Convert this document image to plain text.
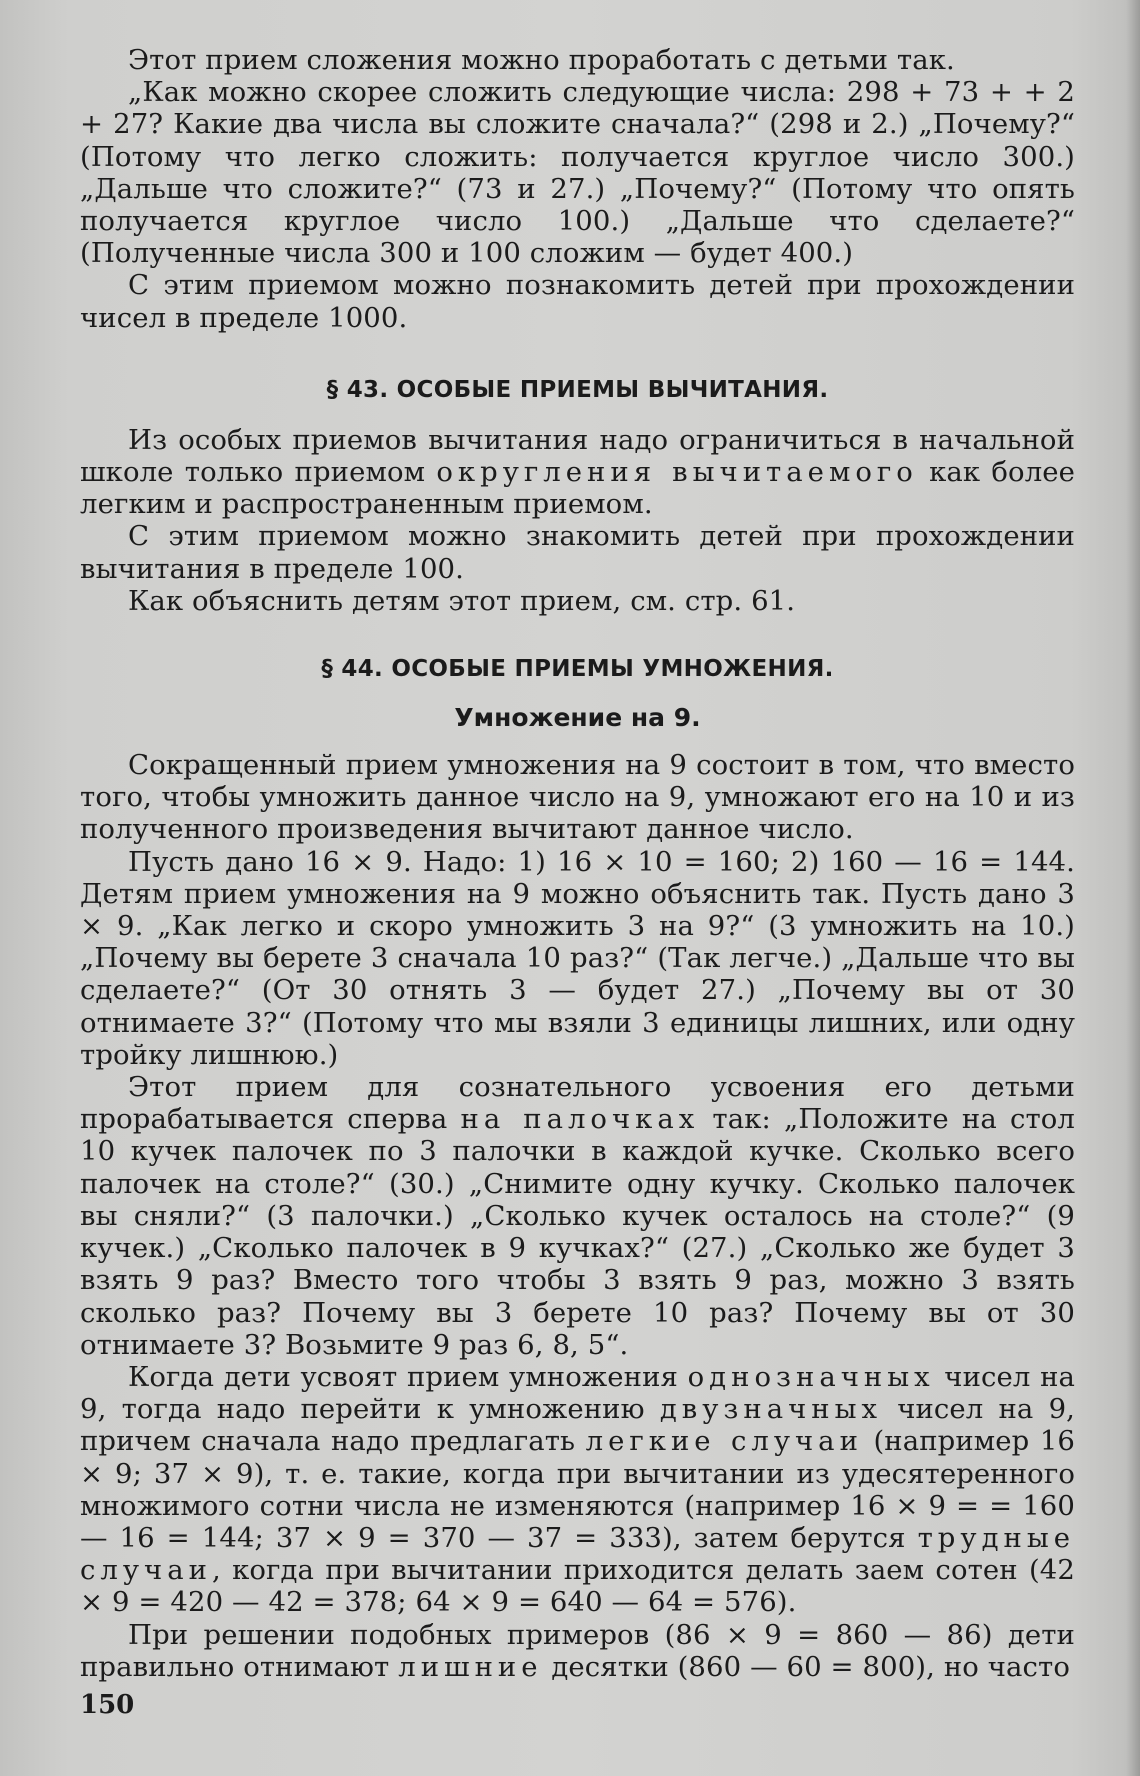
Этот прием сложения можно проработать с детьми так.

„Как можно скорее сложить следующие числа: 298 + 73 + + 2 + 27? Какие два числа вы сложите сначала?“ (298 и 2.) „Почему?“ (Потому что легко сложить: получается круглое число 300.) „Дальше что сложите?“ (73 и 27.) „Почему?“ (Потому что опять получается круглое число 100.) „Дальше что сделаете?“ (Полученные числа 300 и 100 сложим — будет 400.)

С этим приемом можно познакомить детей при прохождении чисел в пределе 1000.

§ 43. ОСОБЫЕ ПРИЕМЫ ВЫЧИТАНИЯ.

Из особых приемов вычитания надо ограничиться в начальной школе только приемом округления вычитаемого как более легким и распространенным приемом.

С этим приемом можно знакомить детей при прохождении вычитания в пределе 100.

Как объяснить детям этот прием, см. стр. 61.

§ 44. ОСОБЫЕ ПРИЕМЫ УМНОЖЕНИЯ.
Умножение на 9.

Сокращенный прием умножения на 9 состоит в том, что вместо того, чтобы умножить данное число на 9, умножают его на 10 и из полученного произведения вычитают данное число.

Пусть дано 16 × 9. Надо: 1) 16 × 10 = 160; 2) 160 — 16 = 144. Детям прием умножения на 9 можно объяснить так. Пусть дано 3 × 9. „Как легко и скоро умножить 3 на 9?“ (3 умножить на 10.) „Почему вы берете 3 сначала 10 раз?“ (Так легче.) „Дальше что вы сделаете?“ (От 30 отнять 3 — будет 27.) „Почему вы от 30 отнимаете 3?“ (Потому что мы взяли 3 единицы лишних, или одну тройку лишнюю.)

Этот прием для сознательного усвоения его детьми прорабатывается сперва на палочках так: „Положите на стол 10 кучек палочек по 3 палочки в каждой кучке. Сколько всего палочек на столе?“ (30.) „Снимите одну кучку. Сколько палочек вы сняли?“ (3 палочки.) „Сколько кучек осталось на столе?“ (9 кучек.) „Сколько палочек в 9 кучках?“ (27.) „Сколько же будет 3 взять 9 раз? Вместо того чтобы 3 взять 9 раз, можно 3 взять сколько раз? Почему вы 3 берете 10 раз? Почему вы от 30 отнимаете 3? Возьмите 9 раз 6, 8, 5“.

Когда дети усвоят прием умножения однозначных чисел на 9, тогда надо перейти к умножению двузначных чисел на 9, причем сначала надо предлагать легкие случаи (например 16 × 9; 37 × 9), т. е. такие, когда при вычитании из удесятеренного множимого сотни числа не изменяются (например 16 × 9 = = 160 — 16 = 144; 37 × 9 = 370 — 37 = 333), затем берутся трудные случаи, когда при вычитании приходится делать заем сотен (42 × 9 = 420 — 42 = 378; 64 × 9 = 640 — 64 = 576).

При решении подобных примеров (86 × 9 = 860 — 86) дети правильно отнимают лишние десятки (860 — 60 = 800), но часто

150
